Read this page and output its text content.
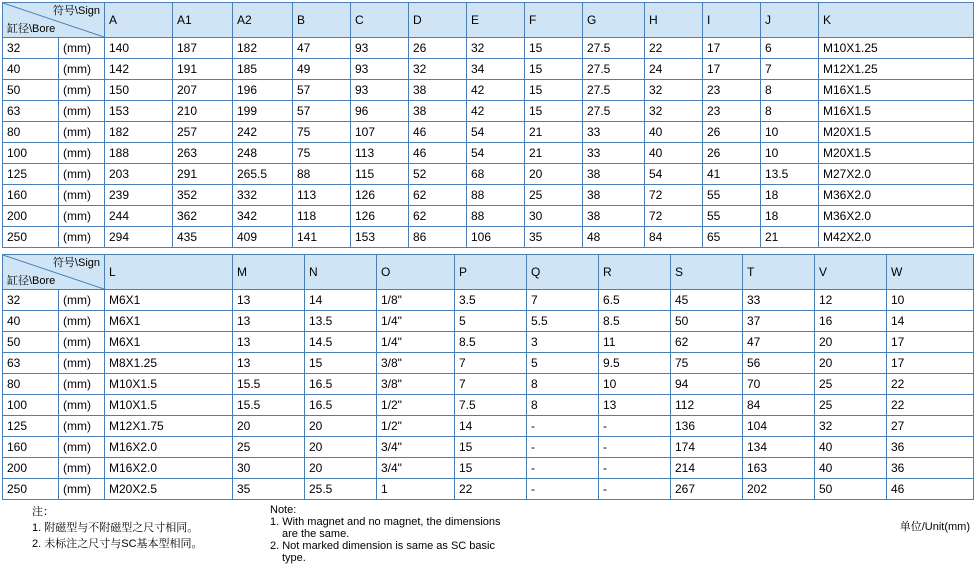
符号\Sign
缸径\Bore		A	A1	A2	B	C	D	E	F	G	H	I	J	K
32	(mm)	140	187	182	47	93	26	32	15	27.5	22	17	6	M10X1.25
40	(mm)	142	191	185	49	93	32	34	15	27.5	24	17	7	M12X1.25
50	(mm)	150	207	196	57	93	38	42	15	27.5	32	23	8	M16X1.5
63	(mm)	153	210	199	57	96	38	42	15	27.5	32	23	8	M16X1.5
80	(mm)	182	257	242	75	107	46	54	21	33	40	26	10	M20X1.5
100	(mm)	188	263	248	75	113	46	54	21	33	40	26	10	M20X1.5
125	(mm)	203	291	265.5	88	115	52	68	20	38	54	41	13.5	M27X2.0
160	(mm)	239	352	332	113	126	62	88	25	38	72	55	18	M36X2.0
200	(mm)	244	362	342	118	126	62	88	30	38	72	55	18	M36X2.0
250	(mm)	294	435	409	141	153	86	106	35	48	84	65	21	M42X2.0
符号\Sign
缸径\Bore		L	M	N	O	P	Q	R	S	T	V	W
32	(mm)	M6X1	13	14	1/8"	3.5	7	6.5	45	33	12	10
40	(mm)	M6X1	13	13.5	1/4"	5	5.5	8.5	50	37	16	14
50	(mm)	M6X1	13	14.5	1/4"	8.5	3	11	62	47	20	17
63	(mm)	M8X1.25	13	15	3/8"	7	5	9.5	75	56	20	17
80	(mm)	M10X1.5	15.5	16.5	3/8"	7	8	10	94	70	25	22
100	(mm)	M10X1.5	15.5	16.5	1/2"	7.5	8	13	112	84	25	22
125	(mm)	M12X1.75	20	20	1/2"	14	-	-	136	104	32	27
160	(mm)	M16X2.0	25	20	3/4"	15	-	-	174	134	40	36
200	(mm)	M16X2.0	30	20	3/4"	15	-	-	214	163	40	36
250	(mm)	M20X2.5	35	25.5	1	22	-	-	267	202	50	46
注：
1. 附磁型与不附磁型之尺寸相同。
2. 未标注之尺寸与SC基本型相同。
Note:
1. With magnet and no magnet, the dimensions are the same.
2. Not marked dimension is same as SC basic type.
单位/Unit(mm)
